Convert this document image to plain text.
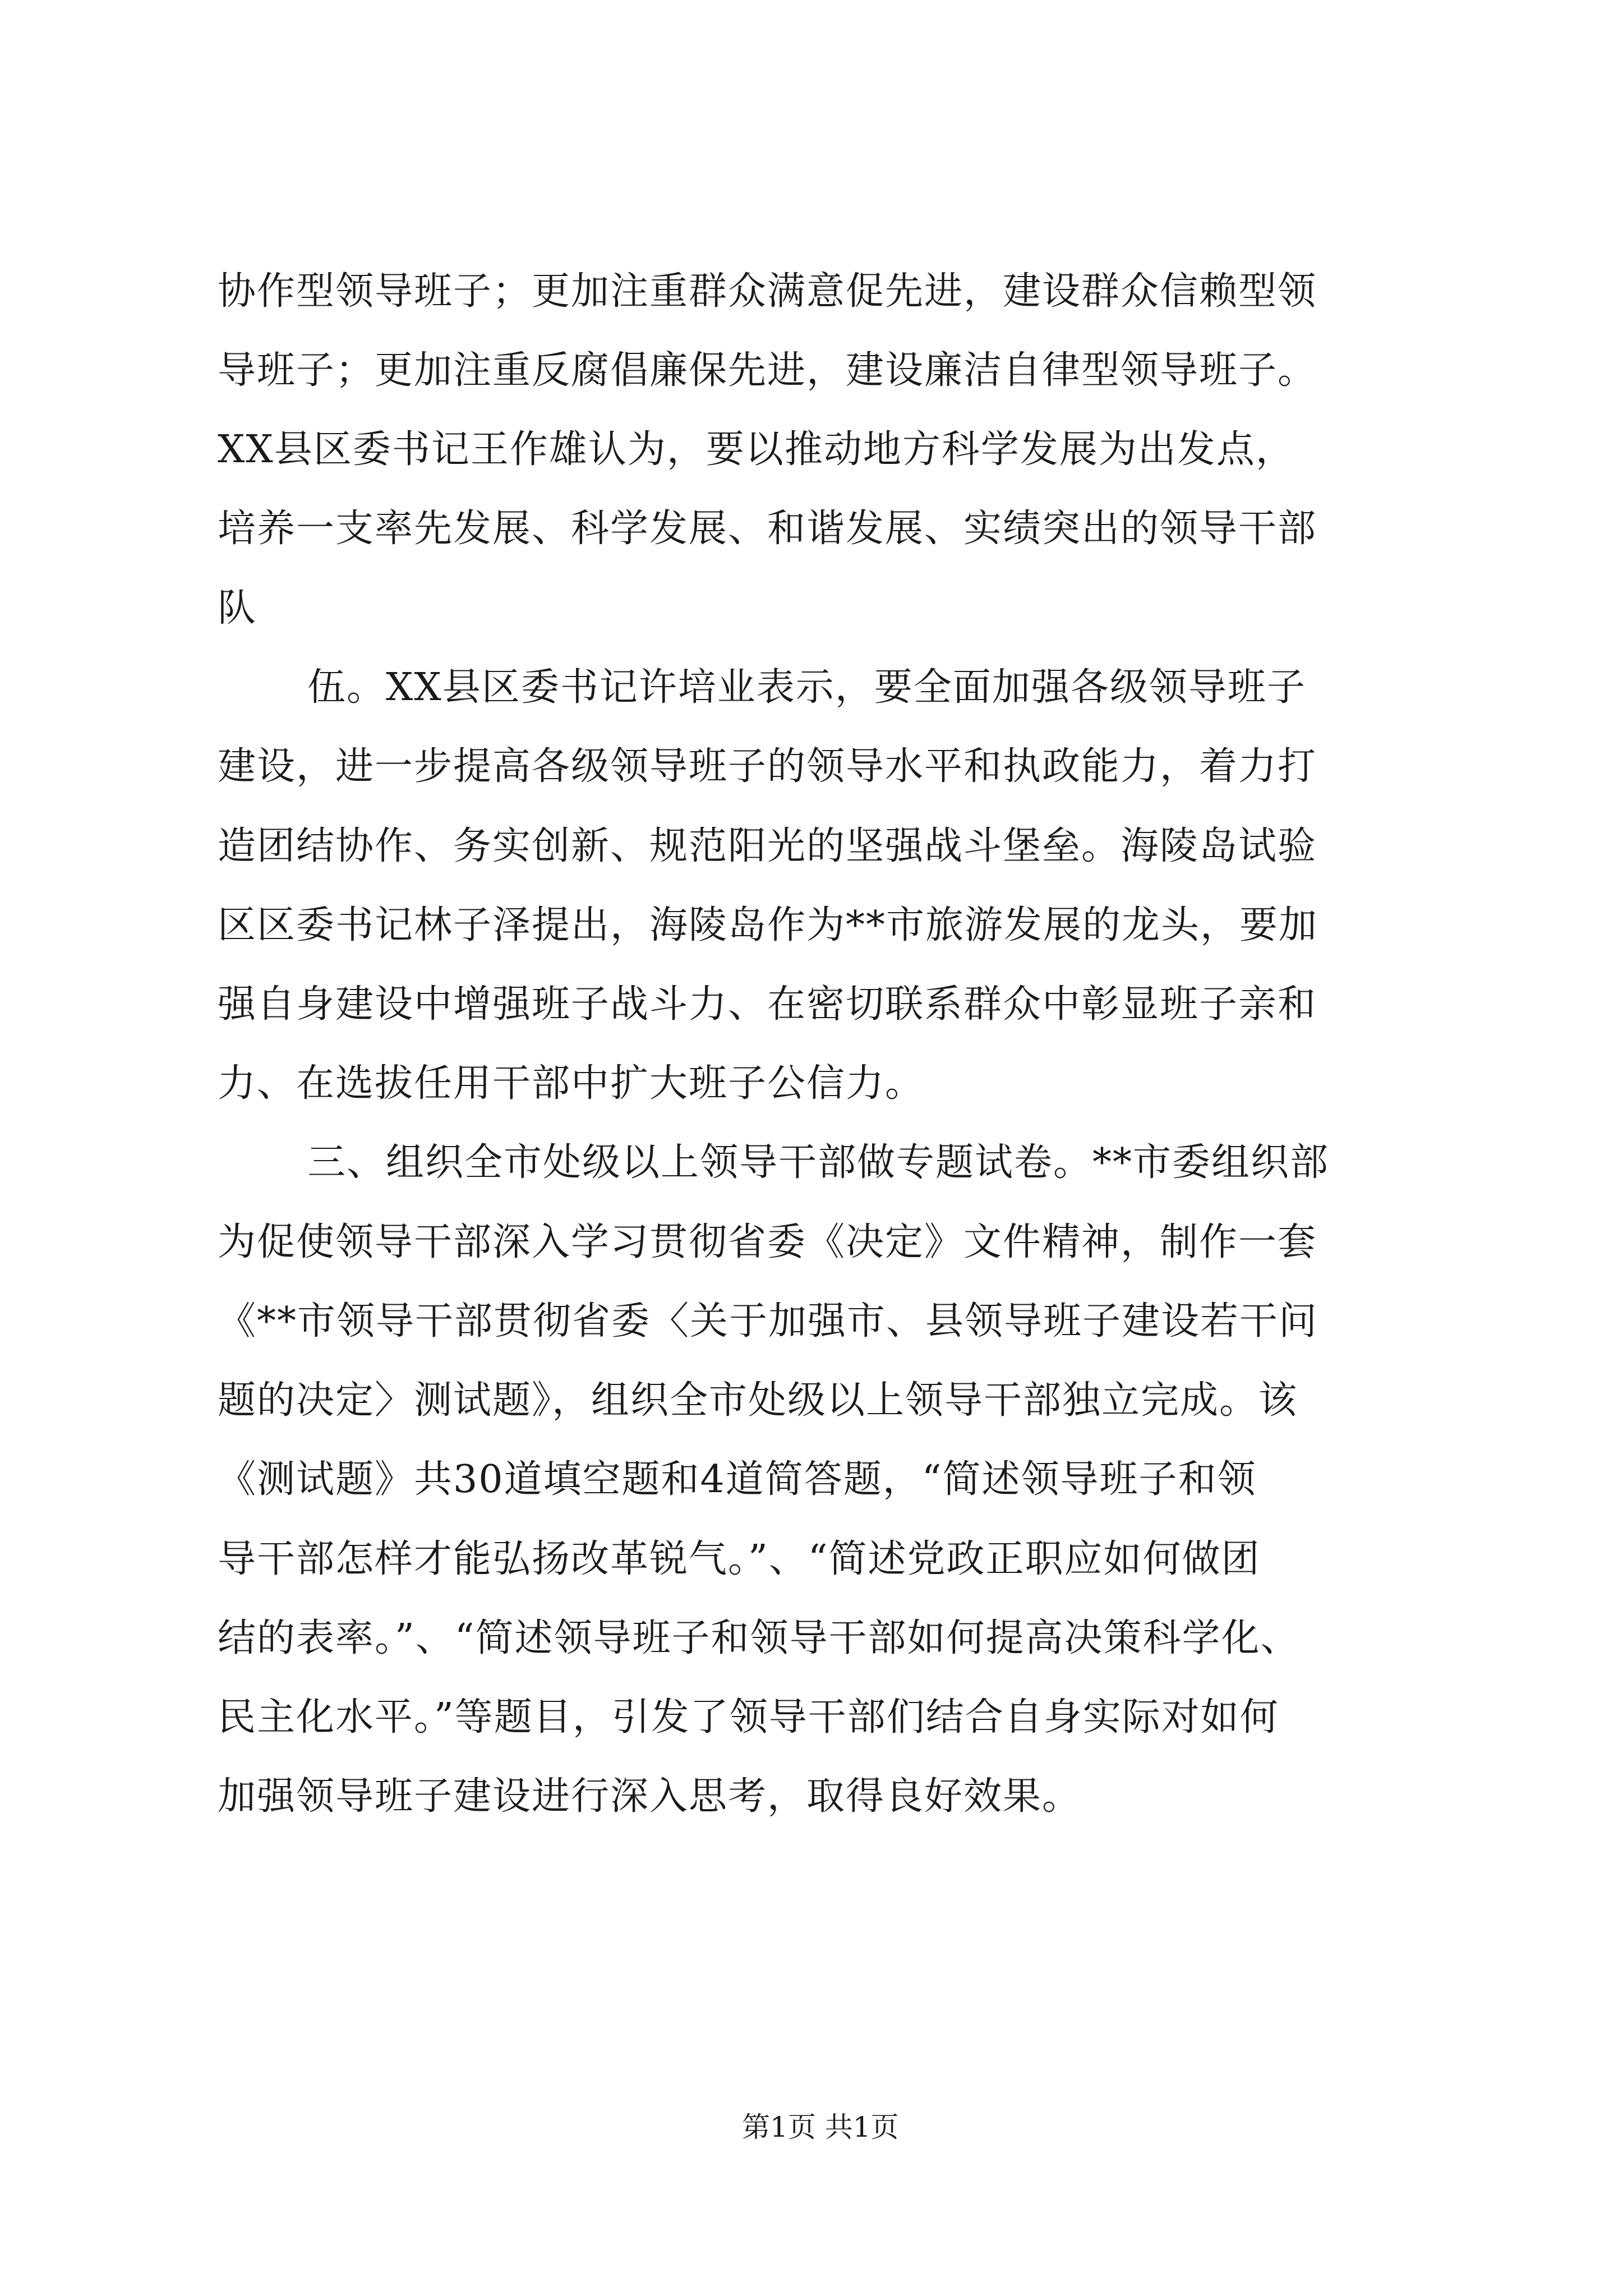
协作型领导班子；更加注重群众满意促先进，建设群众信赖型领
导班子；更加注重反腐倡廉保先进，建设廉洁自律型领导班子。
XX县区委书记王作雄认为，要以推动地方科学发展为出发点，
培养一支率先发展、科学发展、和谐发展、实绩突出的领导干部
队
伍。XX县区委书记许培业表示，要全面加强各级领导班子
建设，进一步提高各级领导班子的领导水平和执政能力，着力打
造团结协作、务实创新、规范阳光的坚强战斗堡垒。海陵岛试验
区区委书记林子泽提出，海陵岛作为**市旅游发展的龙头，要加
强自身建设中增强班子战斗力、在密切联系群众中彰显班子亲和
力、在选拔任用干部中扩大班子公信力。
三、组织全市处级以上领导干部做专题试卷。**市委组织部
为促使领导干部深入学习贯彻省委《决定》文件精神，制作一套
《**市领导干部贯彻省委〈关于加强市、县领导班子建设若干问
题的决定〉测试题》，组织全市处级以上领导干部独立完成。该
《测试题》共30道填空题和4道简答题，“简述领导班子和领
导干部怎样才能弘扬改革锐气。”、“简述党政正职应如何做团
结的表率。”、“简述领导班子和领导干部如何提高决策科学化、
民主化水平。”等题目，引发了领导干部们结合自身实际对如何
加强领导班子建设进行深入思考，取得良好效果。
第1页 共1页
